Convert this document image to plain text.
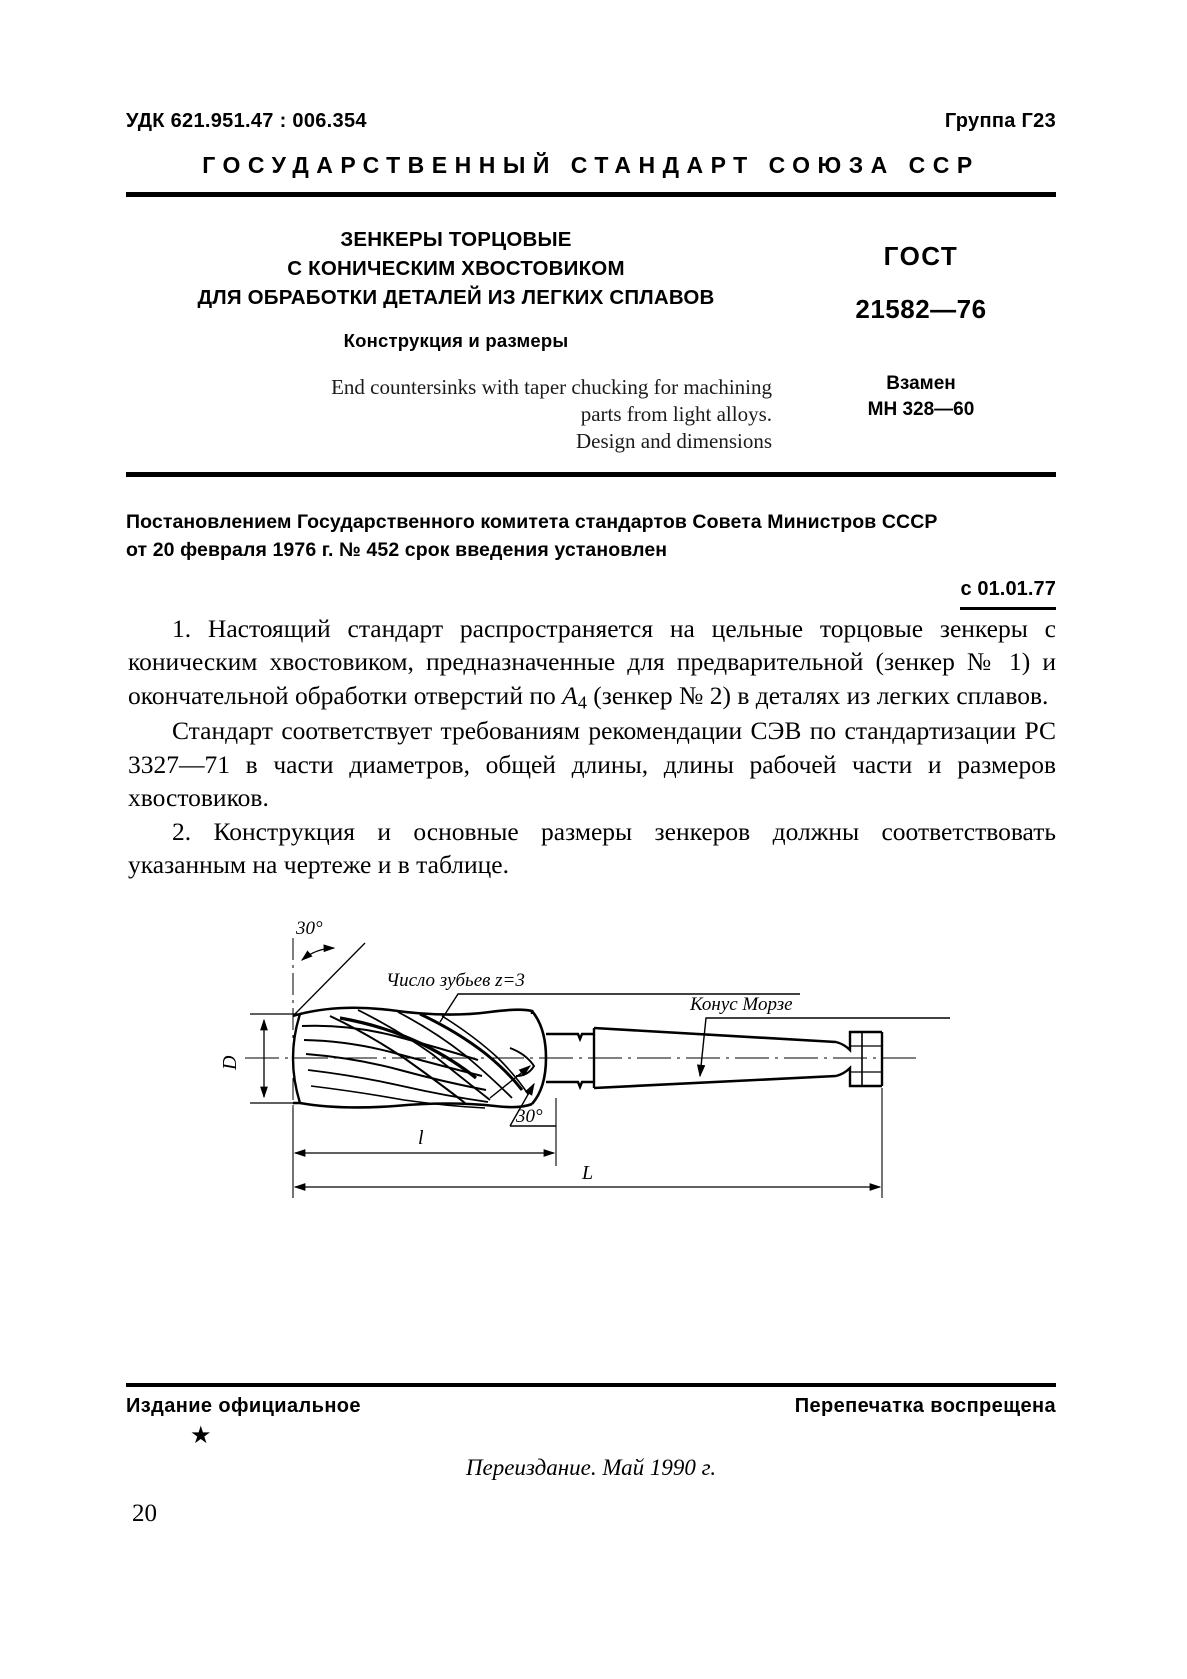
УДК 621.951.47 : 006.354	Группа Г23
ГОСУДАРСТВЕННЫЙ СТАНДАРТ СОЮЗА ССР
ЗЕНКЕРЫ ТОРЦОВЫЕ
С КОНИЧЕСКИМ ХВОСТОВИКОМ
ДЛЯ ОБРАБОТКИ ДЕТАЛЕЙ ИЗ ЛЕГКИХ СПЛАВОВ
Конструкция и размеры
End countersinks with taper chucking for machining
parts from light alloys.
Design and dimensions
ГОСТ
21582—76
Взамен
МН 328—60
Постановлением Государственного комитета стандартов Совета Министров СССР
от 20 февраля 1976 г. № 452 срок введения установлен
с 01.01.77

1. Настоящий стандарт распространяется на цельные торцовые зенкеры с коническим хвостовиком, предназначенные для предварительной (зенкер № 1) и окончательной обработки отверстий по $А_4$ (зенкер № 2) в деталях из легких сплавов.

Стандарт соответствует требованиям рекомендации СЭВ по стандартизации РС 3327—71 в части диаметров, общей длины, длины рабочей части и размеров хвостовиков.

2. Конструкция и основные размеры зенкеров должны соответствовать указанным на чертеже и в таблице.

30°
Число зубьев z=3
Конус Морзе
30°
D
l
L
Издание официальное	Перепечатка воспрещена
★
Переиздание. Май 1990 г.
20
